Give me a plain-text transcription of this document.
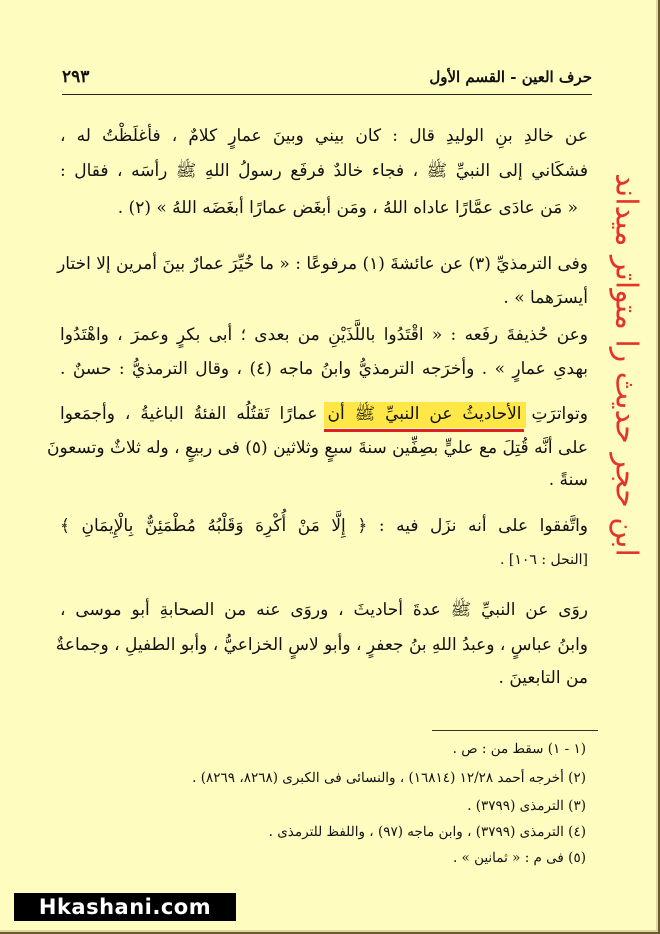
٢٩٣	حرف العين - القسم الأول
عن خالدِ بنِ الوليدِ قال : كان بيني وبينَ عمارٍ كلامٌ ، فأغلَظْتُ له ،
فشكَاني إلى النبيِّ ﷺ ، فجاء خالدٌ فرفَع رسولُ اللهِ ﷺ رأسَه ، فقال :
« مَن عادَى عمَّارًا عاداه اللهُ ، ومَن أبغَض عمارًا أبغَضَه اللهُ » (٢) .
وفى الترمذيِّ (٣) عن عائشةَ (١) مرفوعًا : « ما خُيِّرَ عمارٌ بينَ أمرين إلا اختار
أيسرَهما » .
وعن حُذيفةَ رفَعه : « اقْتَدُوا باللَّذَيْنِ من بعدى ؛ أبى بكرٍ وعمرَ ، واهْتَدُوا
بهدىِ عمارٍ » . وأخرَجه الترمذيُّ وابنُ ماجه (٤) ، وقال الترمذيُّ : حسنٌ .
وتواترَتِ الأحاديثُ عن النبيِّ ﷺ أن عمارًا تَقتُلُه الفئةُ الباغيةُ ، وأجمَعوا
على أنَّه قُتِلَ مع عليٍّ بصِفِّين سنةَ سبعٍ وثلاثين (٥) فى ربيعٍ ، وله ثلاثٌ وتسعونَ
سنةً .
واتَّفقوا على أنه نزَل فيه : ﴿ إِلَّا مَنْ أُكْرِهَ وَقَلْبُهُ مُطْمَئِنٌّ بِالْإِيمَانِ ﴾
[النحل : ١٠٦] .
روَى عن النبيِّ ﷺ عدةَ أحاديثَ ، وروَى عنه من الصحابةِ أبو موسى ،
وابنُ عباسٍ ، وعبدُ اللهِ بنُ جعفرٍ ، وأبو لاسٍ الخزاعيُّ ، وأبو الطفيلِ ، وجماعةٌ
من التابعينَ .
ابن حجر حدیث را متواتر میداند
(١ - ١) سقط من : ص .
(٢) أخرجه أحمد ١٢/٢٨ (١٦٨١٤) ، والنسائى فى الكبرى (٨٢٦٨، ٨٢٦٩) .
(٣) الترمذى (٣٧٩٩) .
(٤) الترمذى (٣٧٩٩) ، وابن ماجه (٩٧) ، واللفظ للترمذى .
(٥) فى م : « ثمانين » .
Hkashani.com
